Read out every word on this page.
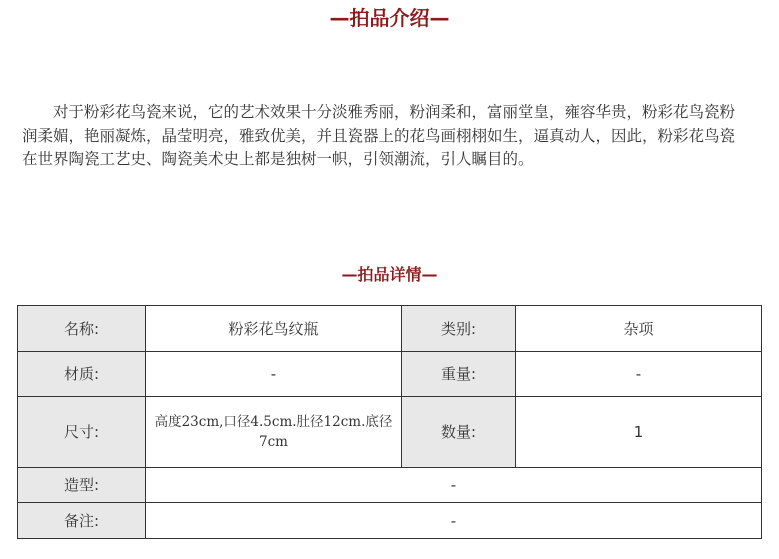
—拍品介绍—

对于粉彩花鸟瓷来说，它的艺术效果十分淡雅秀丽，粉润柔和，富丽堂皇，雍容华贵，粉彩花鸟瓷粉润柔媚，艳丽凝炼，晶莹明亮，雅致优美，并且瓷器上的花鸟画栩栩如生，逼真动人，因此，粉彩花鸟瓷在世界陶瓷工艺史、陶瓷美术史上都是独树一帜，引领潮流，引人瞩目的。

—拍品详情—
名称:	粉彩花鸟纹瓶	类别:	杂项
材质:	-	重量:	-
尺寸:	高度23cm,口径4.5cm.肚径12cm.底径7cm	数量:	1
造型:	-		
备注:	-		
